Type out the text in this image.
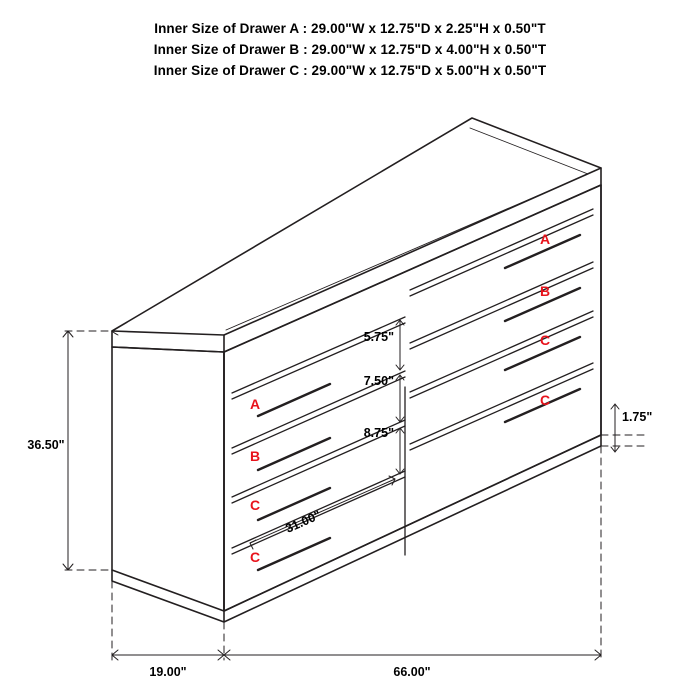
Inner Size of Drawer A : 29.00"W x 12.75"D x 2.25"H x 0.50"T
Inner Size of Drawer B : 29.00"W x 12.75"D x 4.00"H x 0.50"T
Inner Size of Drawer C : 29.00"W x 12.75"D x 5.00"H x 0.50"T
36.50"
19.00"	66.00"
1.75"
5.75"
7.50"
8.75"
31.00"
A
B
C
C
A
B
C
C
